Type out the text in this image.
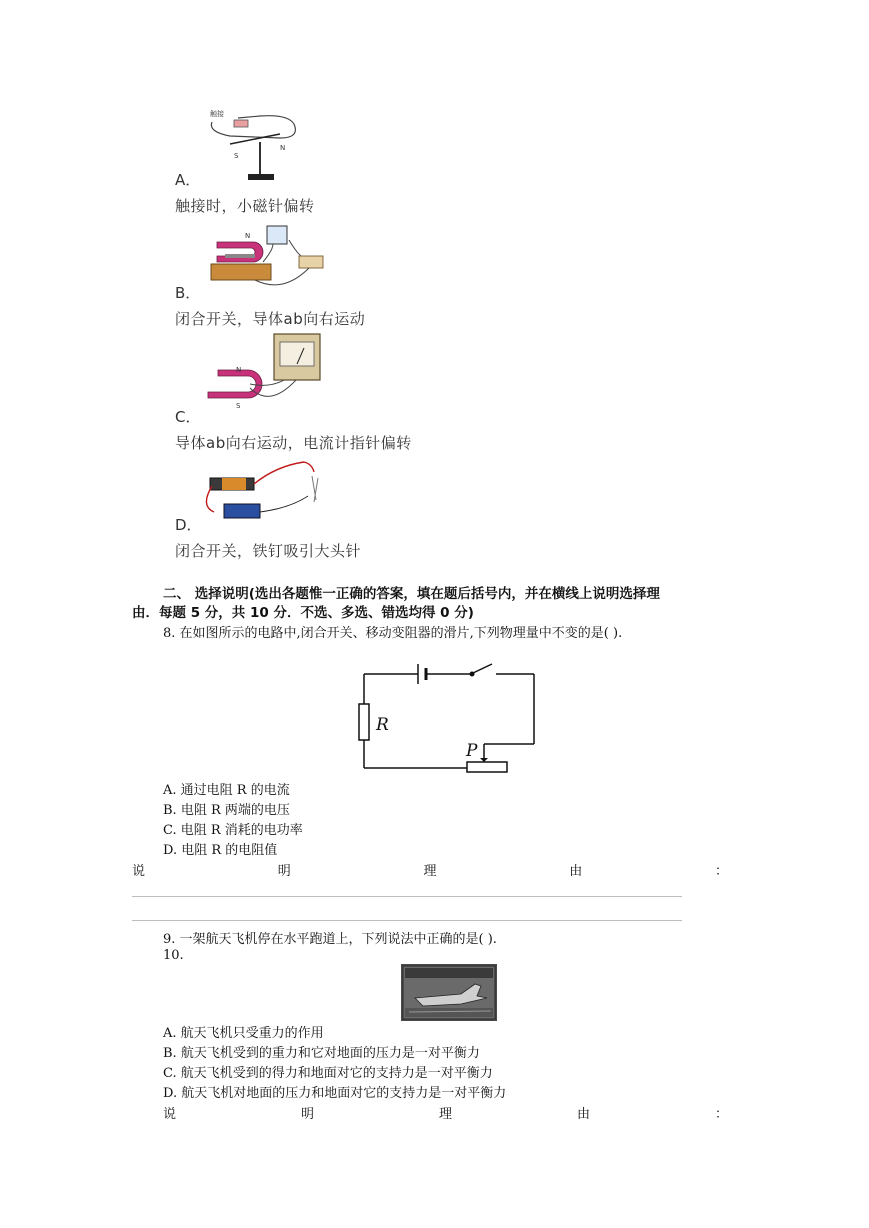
触接
S
N
A．
触接时，小磁针偏转
N
B．
闭合开关，导体ab向右运动
N
S
C．
导体ab向右运动，电流计指针偏转
D．
闭合开关，铁钉吸引大头针
二、 选择说明(选出各题惟一正确的答案，填在题后括号内，并在横线上说明选择理
由．每题 5 分，共 10 分．不选、多选、错选均得 0 分)
8. 在如图所示的电路中,闭合开关、移动变阻器的滑片,下列物理量中不变的是( ).
R
P
A. 通过电阻 R 的电流
B. 电阻 R 两端的电压
C. 电阻 R 消耗的电功率
D. 电阻 R 的电阻值
说	明	理	由	：
9. 一架航天飞机停在水平跑道上，下列说法中正确的是( ).
10.
A. 航天飞机只受重力的作用
B. 航天飞机受到的重力和它对地面的压力是一对平衡力
C. 航天飞机受到的得力和地面对它的支持力是一对平衡力
D. 航天飞机对地面的压力和地面对它的支持力是一对平衡力
说	明	理	由	：
